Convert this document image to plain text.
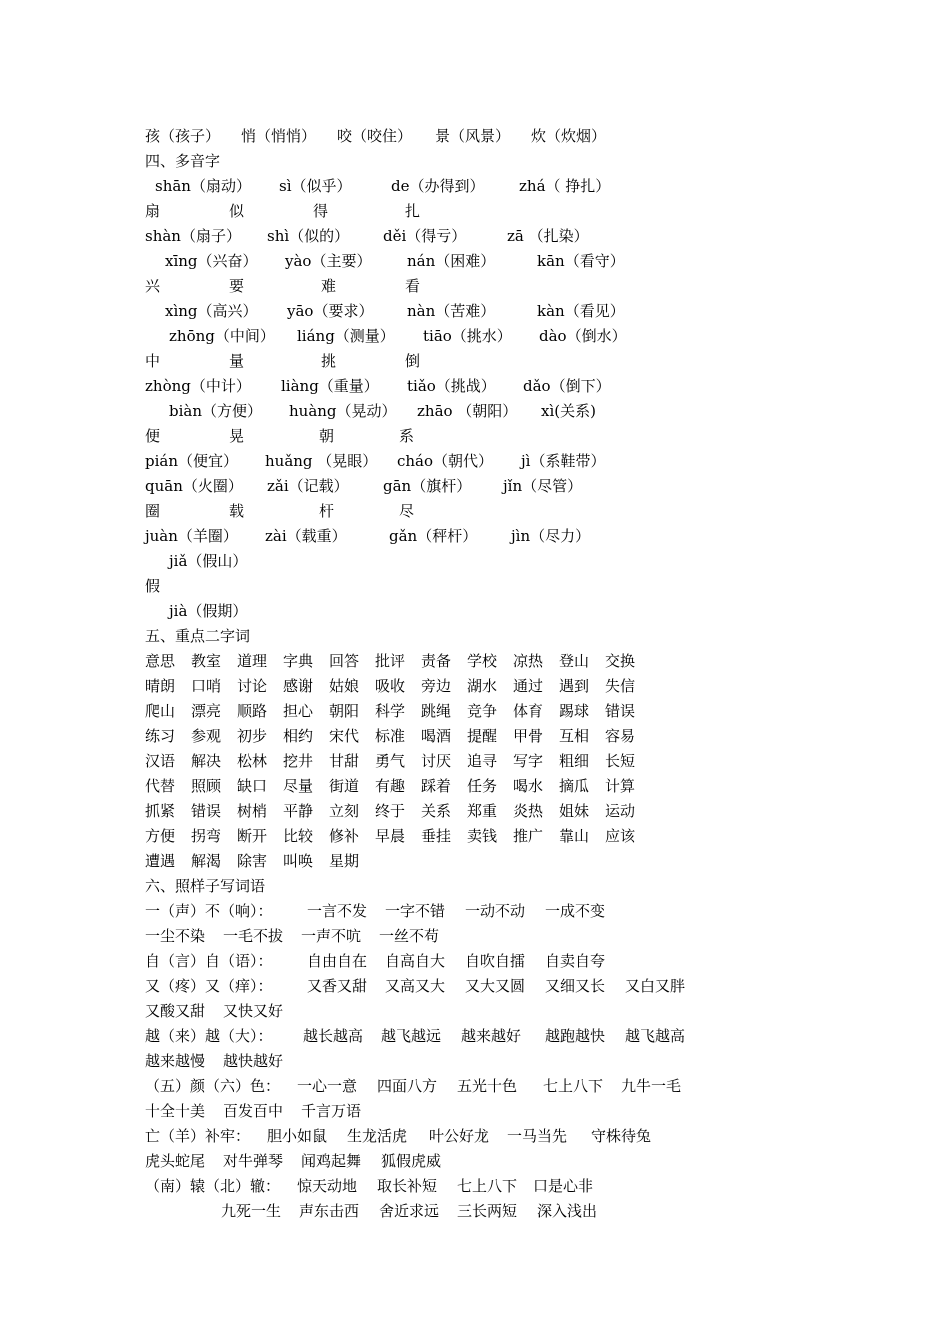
孩（孩子） 悄（悄悄） 咬（咬住） 景（风景） 炊（炊烟）
四、多音字
shān（扇动） sì（似乎）	de（办得到） zhá（ 挣扎）
扇	似	得	扎
shàn（扇子） shì（似的） děi（得亏）	zā （扎染）
xīng（兴奋） yào（主要） nán（困难）	kān（看守）
兴	要	难	看
xìng（高兴） yāo（要求） nàn（苦难）	kàn（看见）
zhōng（中间） liáng（测量） tiāo（挑水） dào（倒水）
中	量	挑	倒
zhòng（中计） liàng（重量） tiǎo（挑战） dǎo（倒下）
biàn（方便） huàng（晃动） zhāo （朝阳） xì(关系)
便	晃	朝	系
pián（便宜） huǎng （晃眼） cháo（朝代） jì（系鞋带）
quān（火圈） zǎi（记载） gān（旗杆） jǐn（尽管）
圈	载	杆	尽
juàn（羊圈） zài（载重）	gǎn（秤杆） jìn（尽力）
jiǎ（假山）
假
jià（假期）
五、重点二字词
意思 教室 道理 字典 回答 批评 责备 学校 凉热 登山 交换
晴朗 口哨 讨论 感谢 姑娘 吸收 旁边 湖水 通过 遇到 失信
爬山 漂亮 顺路 担心 朝阳 科学 跳绳 竞争 体育 踢球 错误
练习 参观 初步 相约 宋代 标准 喝酒 提醒 甲骨 互相 容易
汉语 解决 松林 挖井 甘甜 勇气 讨厌 追寻 写字 粗细 长短
代替 照顾 缺口 尽量 街道 有趣 踩着 任务 喝水 摘瓜 计算
抓紧 错误 树梢 平静 立刻 终于 关系 郑重 炎热 姐妹 运动
方便 拐弯 断开 比较 修补 早晨 垂挂 卖钱 推广 靠山 应该
遭遇 解渴 除害 叫唤 星期
六、照样子写词语
一（声）不（响）： 一言不发 一字不错 一动不动 一成不变
一尘不染 一毛不拔 一声不吭 一丝不苟
自（言）自（语）： 自由自在 自高自大 自吹自擂 自卖自夸
又（疼）又（痒）： 又香又甜 又高又大 又大又圆 又细又长 又白又胖
又酸又甜 又快又好
越（来）越（大）： 越长越高 越飞越远 越来越好 越跑越快 越飞越高
越来越慢 越快越好
（五）颜（六）色： 一心一意 四面八方 五光十色 七上八下 九牛一毛
十全十美 百发百中 千言万语
亡（羊）补牢： 胆小如鼠 生龙活虎 叶公好龙 一马当先 守株待兔
虎头蛇尾 对牛弹琴 闻鸡起舞 狐假虎威
（南）辕（北）辙： 惊天动地 取长补短 七上八下 口是心非
九死一生 声东击西 舍近求远 三长两短 深入浅出
